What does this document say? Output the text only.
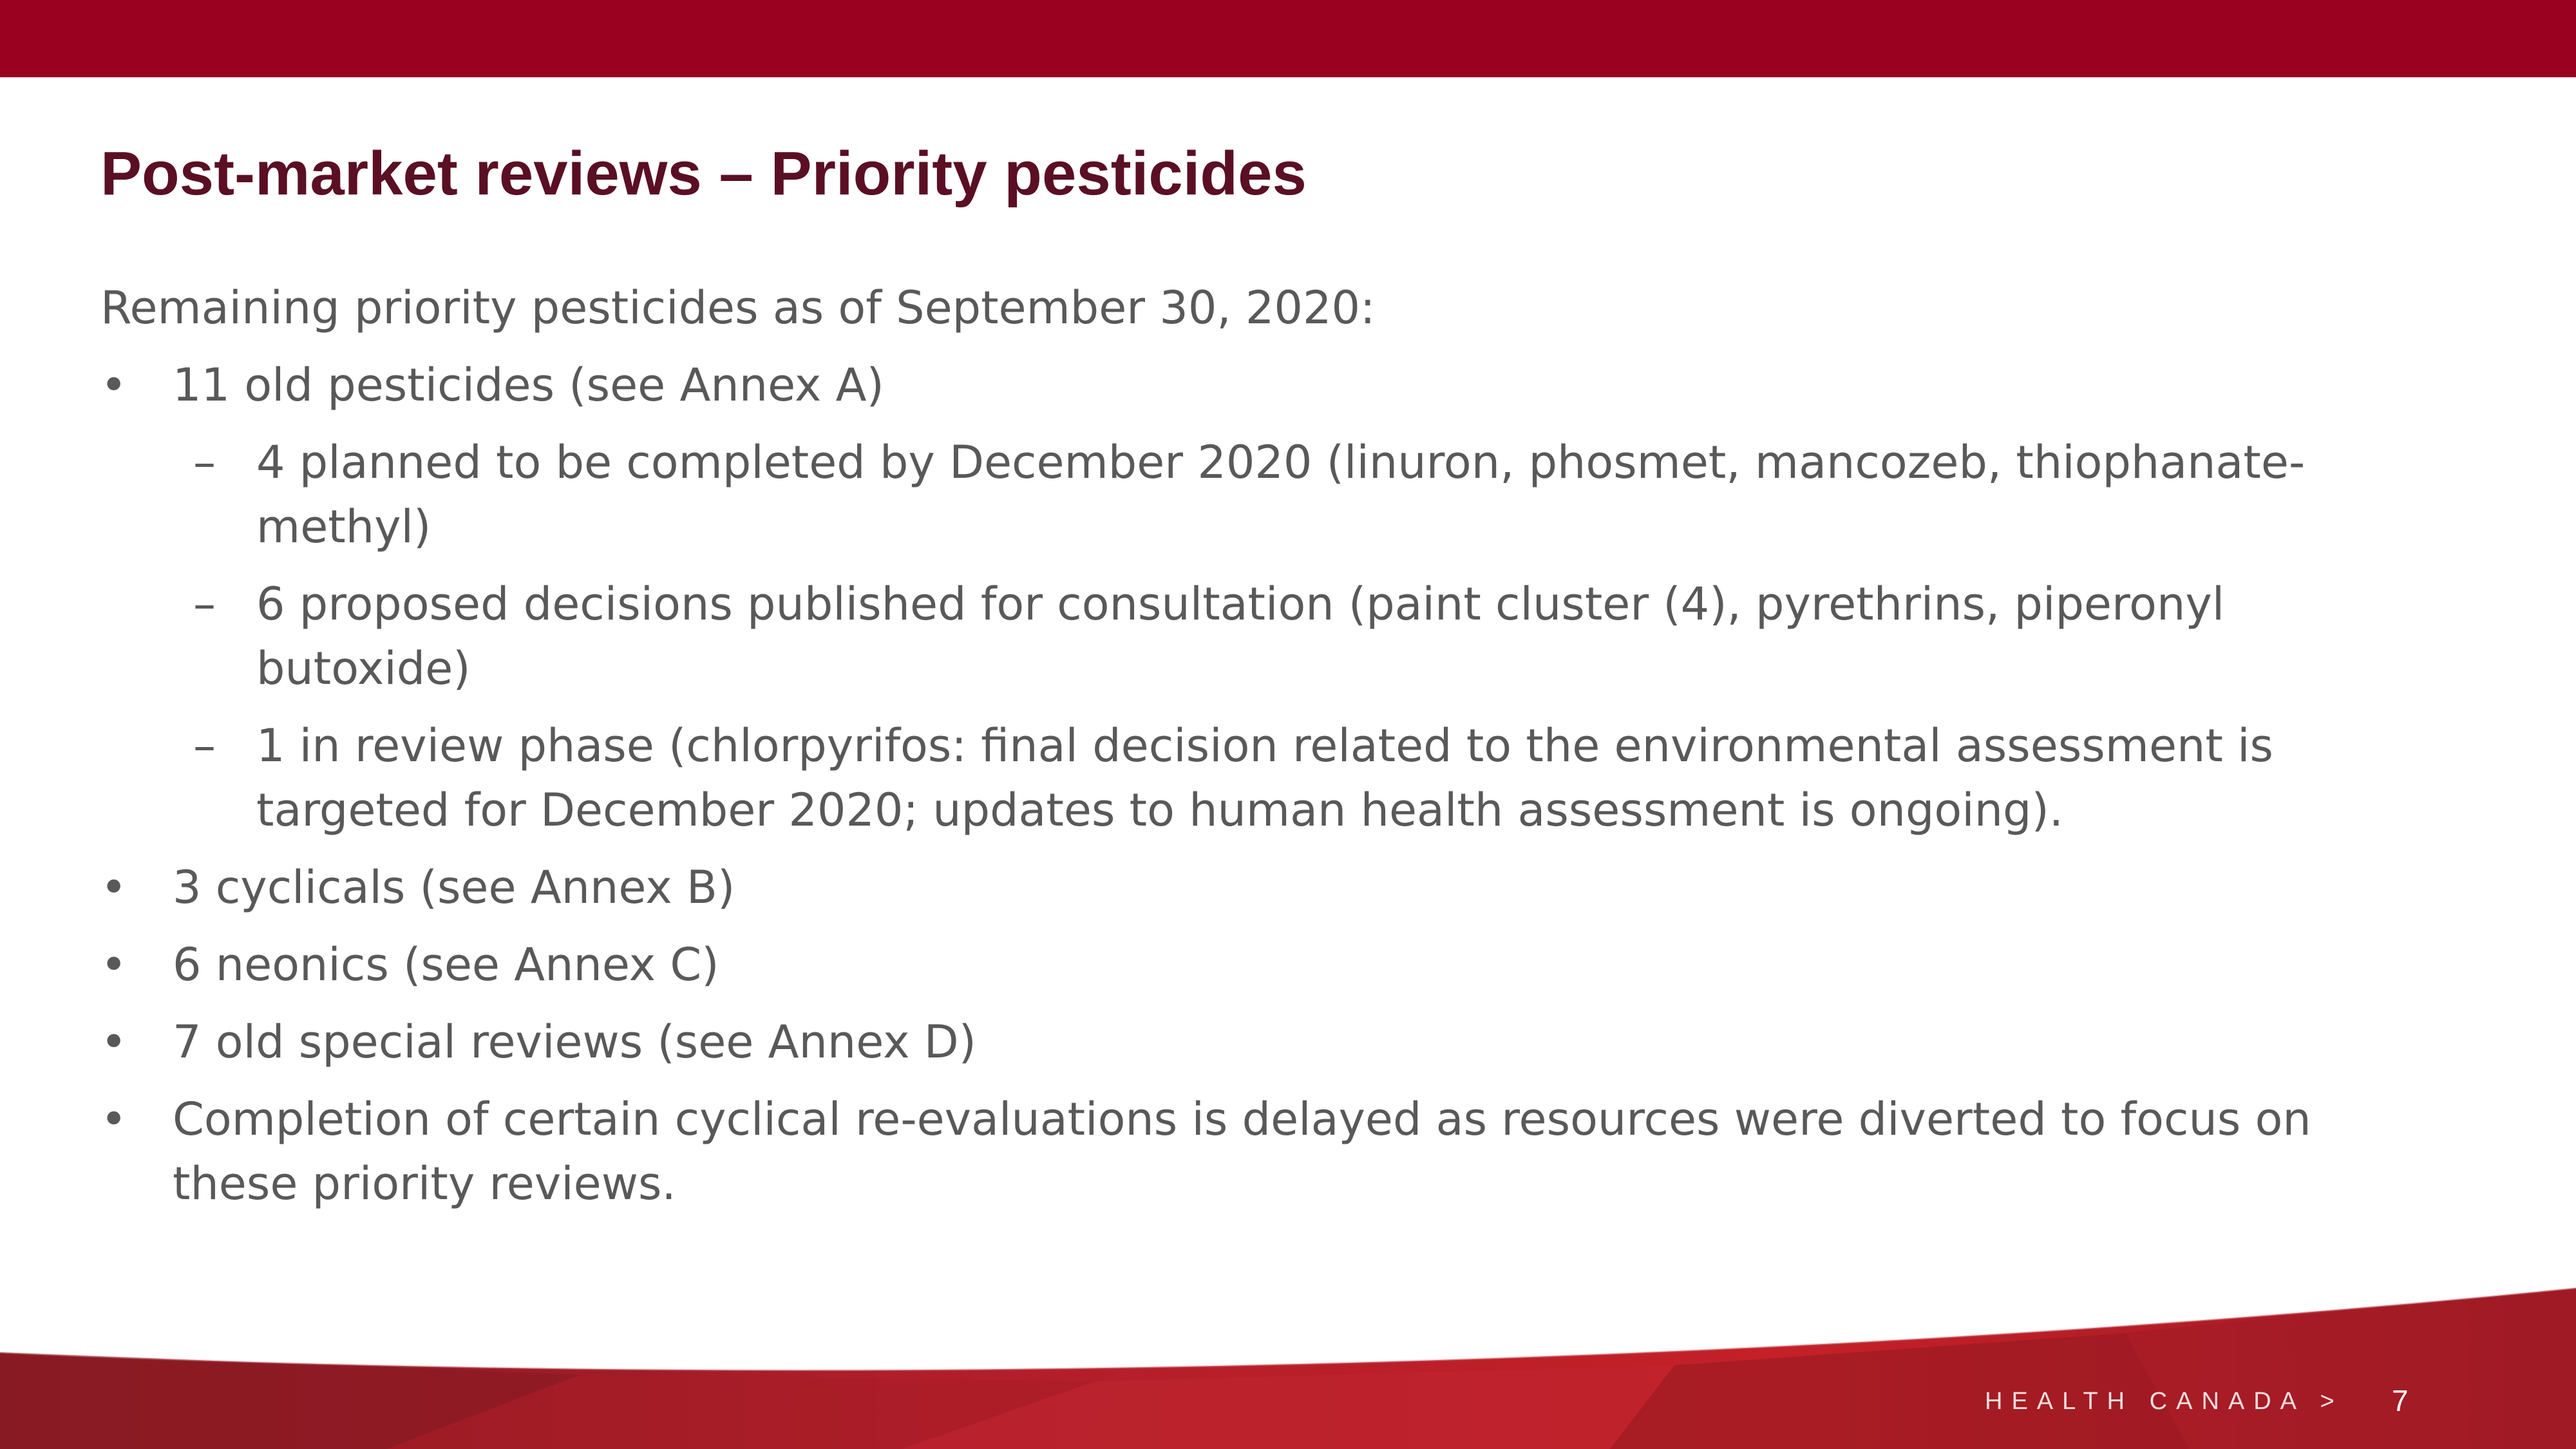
Post-market reviews – Priority pesticides

Remaining priority pesticides as of September 30, 2020:

• 11 old pesticides (see Annex A)
– 4 planned to be completed by December 2020 (linuron, phosmet, mancozeb, thiophanate-methyl)
– 6 proposed decisions published for consultation (paint cluster (4), pyrethrins, piperonyl butoxide)
– 1 in review phase (chlorpyrifos: final decision related to the environmental assessment is targeted for December 2020; updates to human health assessment is ongoing).
• 3 cyclicals (see Annex B)
• 6 neonics (see Annex C)
• 7 old special reviews (see Annex D)
• Completion of certain cyclical re-evaluations is delayed as resources were diverted to focus on these priority reviews.
HEALTH CANADA > 7
